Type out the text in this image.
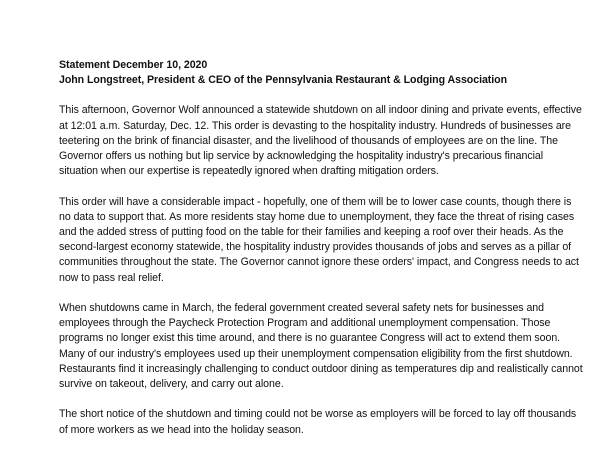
Statement December 10, 2020
John Longstreet, President & CEO of the Pennsylvania Restaurant & Lodging Association

This afternoon, Governor Wolf announced a statewide shutdown on all indoor dining and private events, effective at 12:01 a.m. Saturday, Dec. 12. This order is devasting to the hospitality industry. Hundreds of businesses are teetering on the brink of financial disaster, and the livelihood of thousands of employees are on the line. The Governor offers us nothing but lip service by acknowledging the hospitality industry's precarious financial situation when our expertise is repeatedly ignored when drafting mitigation orders.

This order will have a considerable impact - hopefully, one of them will be to lower case counts, though there is no data to support that. As more residents stay home due to unemployment, they face the threat of rising cases and the added stress of putting food on the table for their families and keeping a roof over their heads. As the second-largest economy statewide, the hospitality industry provides thousands of jobs and serves as a pillar of communities throughout the state. The Governor cannot ignore these orders' impact, and Congress needs to act now to pass real relief.

When shutdowns came in March, the federal government created several safety nets for businesses and employees through the Paycheck Protection Program and additional unemployment compensation. Those programs no longer exist this time around, and there is no guarantee Congress will act to extend them soon. Many of our industry's employees used up their unemployment compensation eligibility from the first shutdown. Restaurants find it increasingly challenging to conduct outdoor dining as temperatures dip and realistically cannot survive on takeout, delivery, and carry out alone.

The short notice of the shutdown and timing could not be worse as employers will be forced to lay off thousands of more workers as we head into the holiday season.
